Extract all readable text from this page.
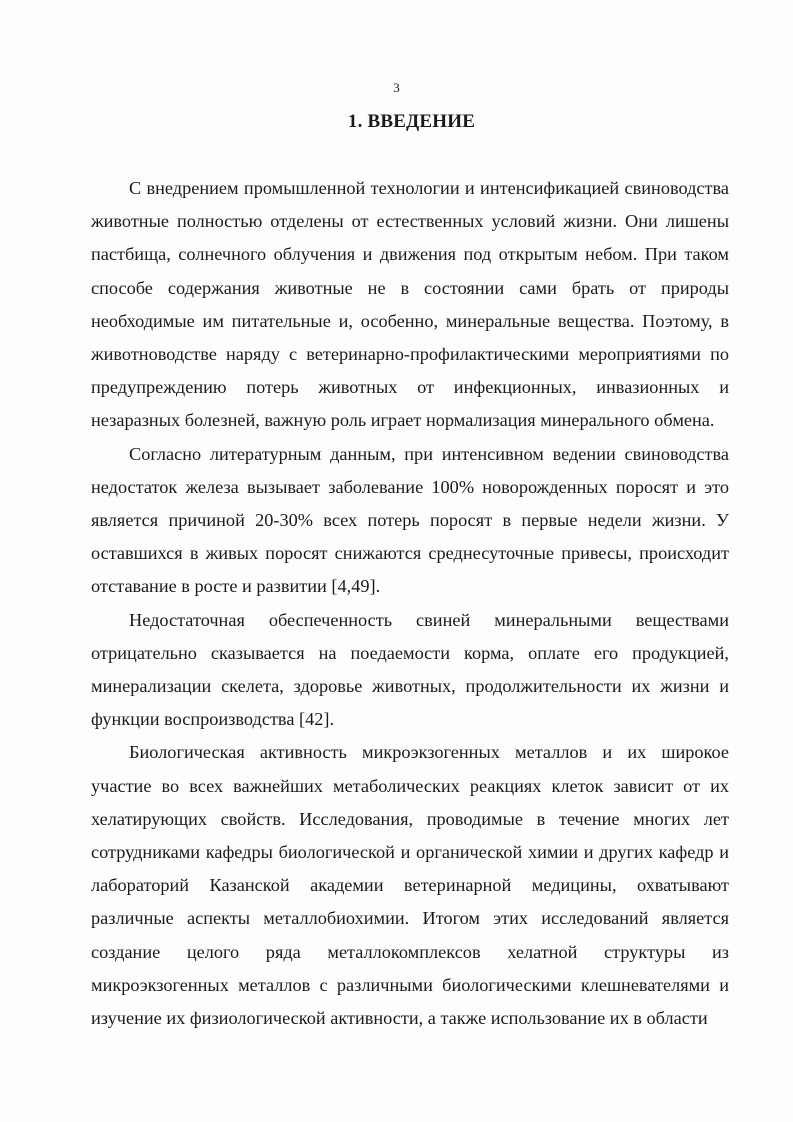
3
1. ВВЕДЕНИЕ

С внедрением промышленной технологии и интенсификацией свиноводства животные полностью отделены от естественных условий жизни. Они лишены пастбища, солнечного облучения и движения под открытым небом. При таком способе содержания животные не в состоянии сами брать от природы необходимые им питательные и, особенно, минеральные вещества. Поэтому, в животноводстве наряду с ветеринарно-профилактическими мероприятиями по предупреждению потерь животных от инфекционных, инвазионных и незаразных болезней, важную роль играет нормализация минерального обмена.

Согласно литературным данным, при интенсивном ведении свиноводства недостаток железа вызывает заболевание 100% новорожденных поросят и это является причиной 20-30% всех потерь поросят в первые недели жизни. У оставшихся в живых поросят снижаются среднесуточные привесы, происходит отставание в росте и развитии [4,49].

Недостаточная обеспеченность свиней минеральными веществами отрицательно сказывается на поедаемости корма, оплате его продукцией, минерализации скелета, здоровье животных, продолжительности их жизни и функции воспроизводства [42].

Биологическая активность микроэкзогенных металлов и их широкое участие во всех важнейших метаболических реакциях клеток зависит от их хелатирующих свойств. Исследования, проводимые в течение многих лет сотрудниками кафедры биологической и органической химии и других кафедр и лабораторий Казанской академии ветеринарной медицины, охватывают различные аспекты металлобиохимии. Итогом этих исследований является создание целого ряда металлокомплексов хелатной структуры из микроэкзогенных металлов с различными биологическими клешневателями и изучение их физиологической активности, а также использование их в области
